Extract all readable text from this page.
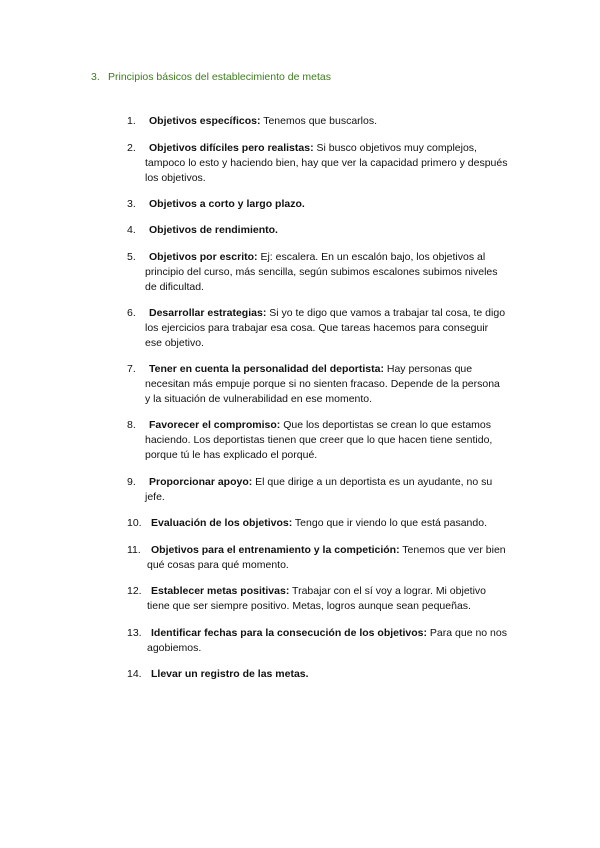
3. Principios básicos del establecimiento de metas
1.	Objetivos específicos: Tenemos que buscarlos.
2.	Objetivos difíciles pero realistas: Si busco objetivos muy complejos,
tampoco lo esto y haciendo bien, hay que ver la capacidad primero y después
los objetivos.
3.	Objetivos a corto y largo plazo.
4.	Objetivos de rendimiento.
5.	Objetivos por escrito: Ej: escalera. En un escalón bajo, los objetivos al
principio del curso, más sencilla, según subimos escalones subimos niveles
de dificultad.
6.	Desarrollar estrategias: Si yo te digo que vamos a trabajar tal cosa, te digo
los ejercicios para trabajar esa cosa. Que tareas hacemos para conseguir
ese objetivo.
7.	Tener en cuenta la personalidad del deportista: Hay personas que
necesitan más empuje porque si no sienten fracaso. Depende de la persona
y la situación de vulnerabilidad en ese momento.
8.	Favorecer el compromiso: Que los deportistas se crean lo que estamos
haciendo. Los deportistas tienen que creer que lo que hacen tiene sentido,
porque tú le has explicado el porqué.
9.	Proporcionar apoyo: El que dirige a un deportista es un ayudante, no su
jefe.
10. Evaluación de los objetivos: Tengo que ir viendo lo que está pasando.
11. Objetivos para el entrenamiento y la competición: Tenemos que ver bien
qué cosas para qué momento.
12. Establecer metas positivas: Trabajar con el sí voy a lograr. Mi objetivo
tiene que ser siempre positivo. Metas, logros aunque sean pequeñas.
13. Identificar fechas para la consecución de los objetivos: Para que no nos
agobiemos.
14. Llevar un registro de las metas.
